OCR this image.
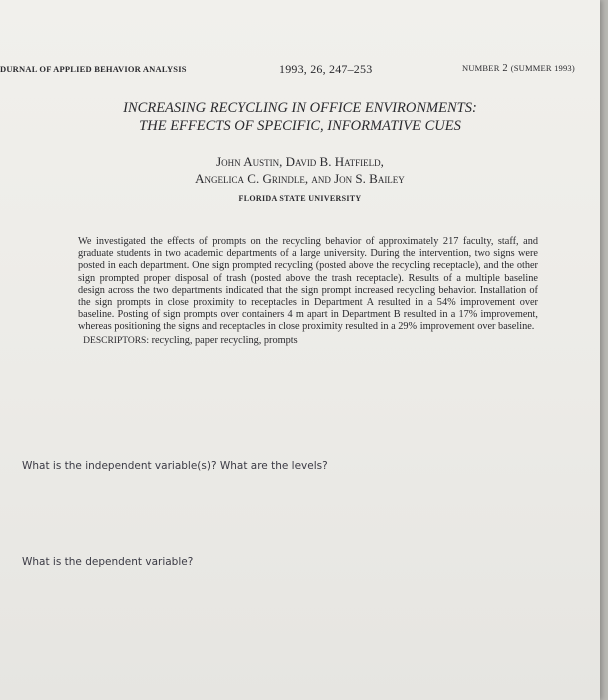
DURNAL OF APPLIED BEHAVIOR ANALYSIS	1993, 26, 247–253	NUMBER 2 (SUMMER 1993)
INCREASING RECYCLING IN OFFICE ENVIRONMENTS:
THE EFFECTS OF SPECIFIC, INFORMATIVE CUES
John Austin, David B. Hatfield,
Angelica C. Grindle, and Jon S. Bailey
FLORIDA STATE UNIVERSITY
We investigated the effects of prompts on the recycling behavior of approximately 217 faculty, staff, and graduate students in two academic departments of a large university. During the intervention, two signs were posted in each department. One sign prompted recycling (posted above the recycling receptacle), and the other sign prompted proper disposal of trash (posted above the trash receptacle). Results of a multiple baseline design across the two departments indicated that the sign prompt increased recycling behavior. Installation of the sign prompts in close proximity to receptacles in Department A resulted in a 54% improvement over baseline. Posting of sign prompts over containers 4 m apart in Department B resulted in a 17% improvement, whereas positioning the signs and receptacles in close proximity resulted in a 29% improvement over baseline.
DESCRIPTORS: recycling, paper recycling, prompts
What is the independent variable(s)? What are the levels?
What is the dependent variable?
